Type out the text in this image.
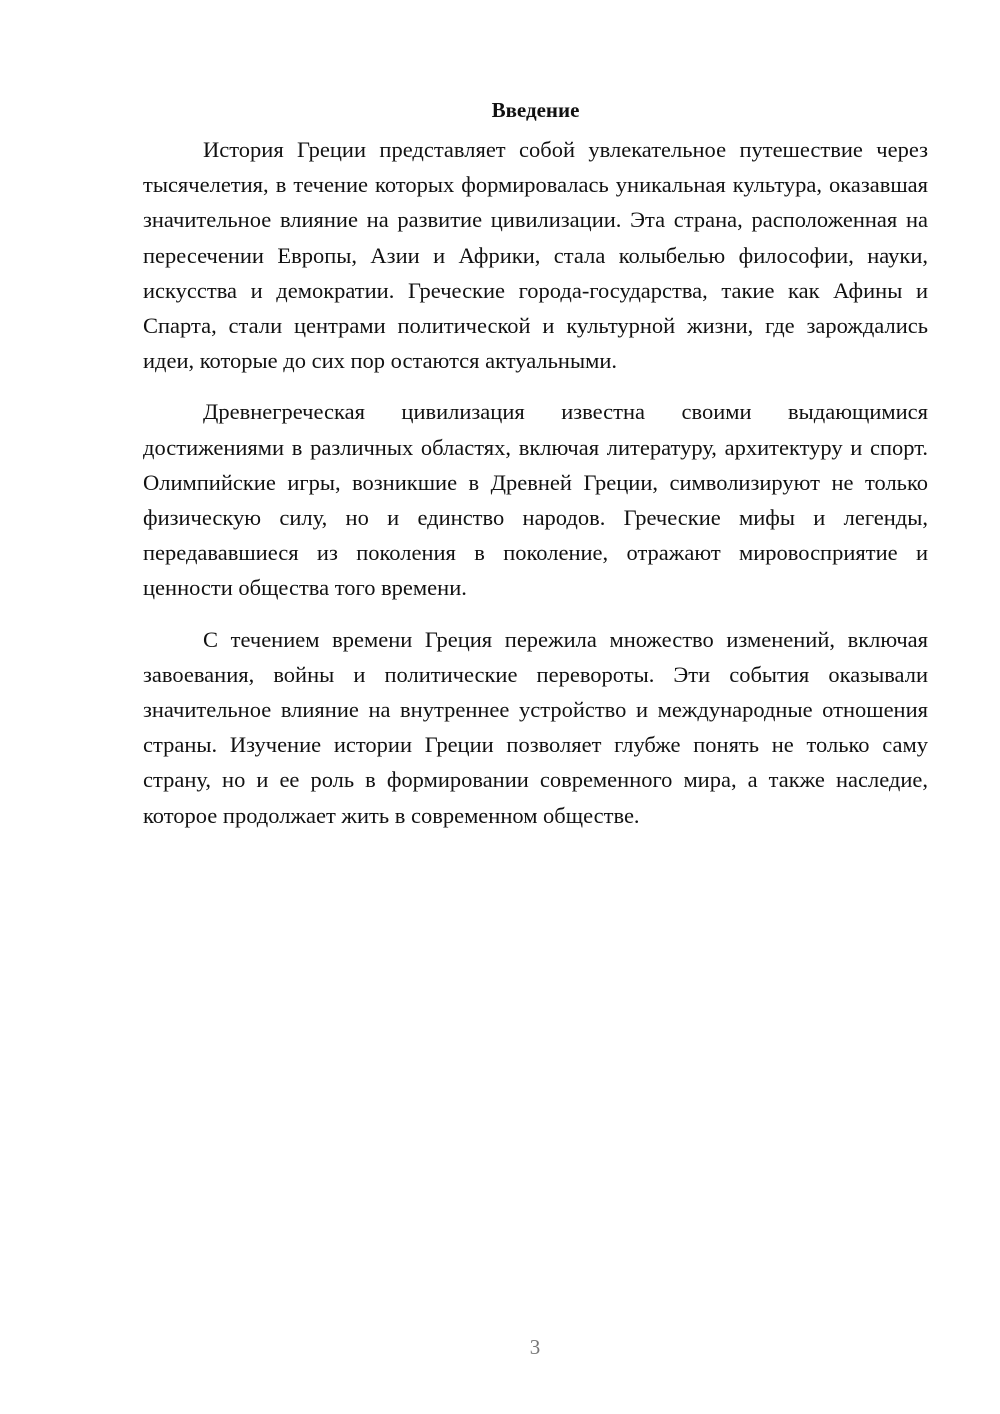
Введение

История Греции представляет собой увлекательное путешествие через тысячелетия, в течение которых формировалась уникальная культура, оказавшая значительное влияние на развитие цивилизации. Эта страна, расположенная на пересечении Европы, Азии и Африки, стала колыбелью философии, науки, искусства и демократии. Греческие города-государства, такие как Афины и Спарта, стали центрами политической и культурной жизни, где зарождались идеи, которые до сих пор остаются актуальными.

Древнегреческая цивилизация известна своими выдающимися достижениями в различных областях, включая литературу, архитектуру и спорт. Олимпийские игры, возникшие в Древней Греции, символизируют не только физическую силу, но и единство народов. Греческие мифы и легенды, передававшиеся из поколения в поколение, отражают мировосприятие и ценности общества того времени.

С течением времени Греция пережила множество изменений, включая завоевания, войны и политические перевороты. Эти события оказывали значительное влияние на внутреннее устройство и международные отношения страны. Изучение истории Греции позволяет глубже понять не только саму страну, но и ее роль в формировании современного мира, а также наследие, которое продолжает жить в современном обществе.

3
